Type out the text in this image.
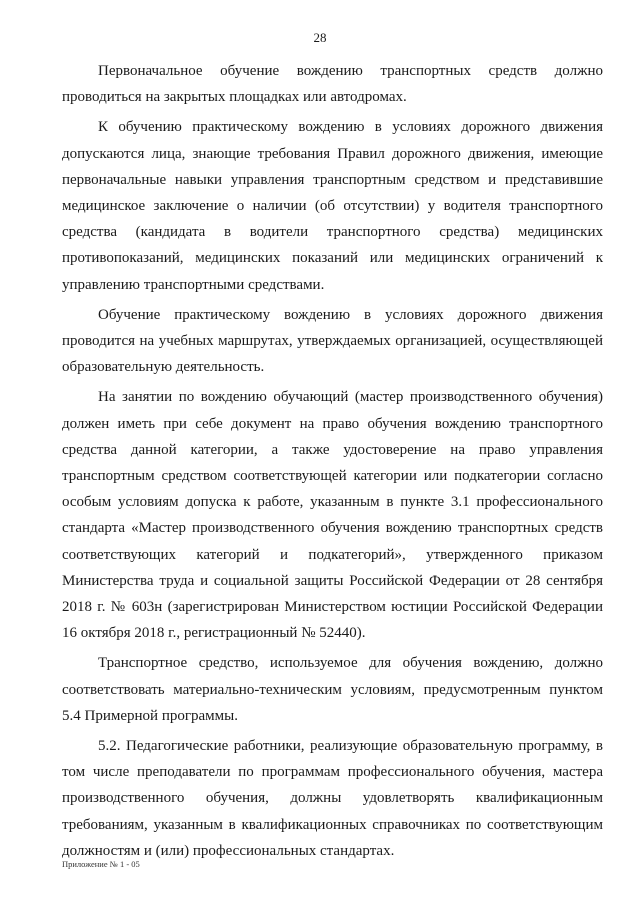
28

Первоначальное обучение вождению транспортных средств должно проводиться на закрытых площадках или автодромах.

К обучению практическому вождению в условиях дорожного движения допускаются лица, знающие требования Правил дорожного движения, имеющие первоначальные навыки управления транспортным средством и представившие медицинское заключение о наличии (об отсутствии) у водителя транспортного средства (кандидата в водители транспортного средства) медицинских противопоказаний, медицинских показаний или медицинских ограничений к управлению транспортными средствами.

Обучение практическому вождению в условиях дорожного движения проводится на учебных маршрутах, утверждаемых организацией, осуществляющей образовательную деятельность.

На занятии по вождению обучающий (мастер производственного обучения) должен иметь при себе документ на право обучения вождению транспортного средства данной категории, а также удостоверение на право управления транспортным средством соответствующей категории или подкатегории согласно особым условиям допуска к работе, указанным в пункте 3.1 профессионального стандарта «Мастер производственного обучения вождению транспортных средств соответствующих категорий и подкатегорий», утвержденного приказом Министерства труда и социальной защиты Российской Федерации от 28 сентября 2018 г. № 603н (зарегистрирован Министерством юстиции Российской Федерации 16 октября 2018 г., регистрационный № 52440).

Транспортное средство, используемое для обучения вождению, должно соответствовать материально-техническим условиям, предусмотренным пунктом 5.4 Примерной программы.

5.2. Педагогические работники, реализующие образовательную программу, в том числе преподаватели по программам профессионального обучения, мастера производственного обучения, должны удовлетворять квалификационным требованиям, указанным в квалификационных справочниках по соответствующим должностям и (или) профессиональных стандартах.

Приложение № 1 - 05
